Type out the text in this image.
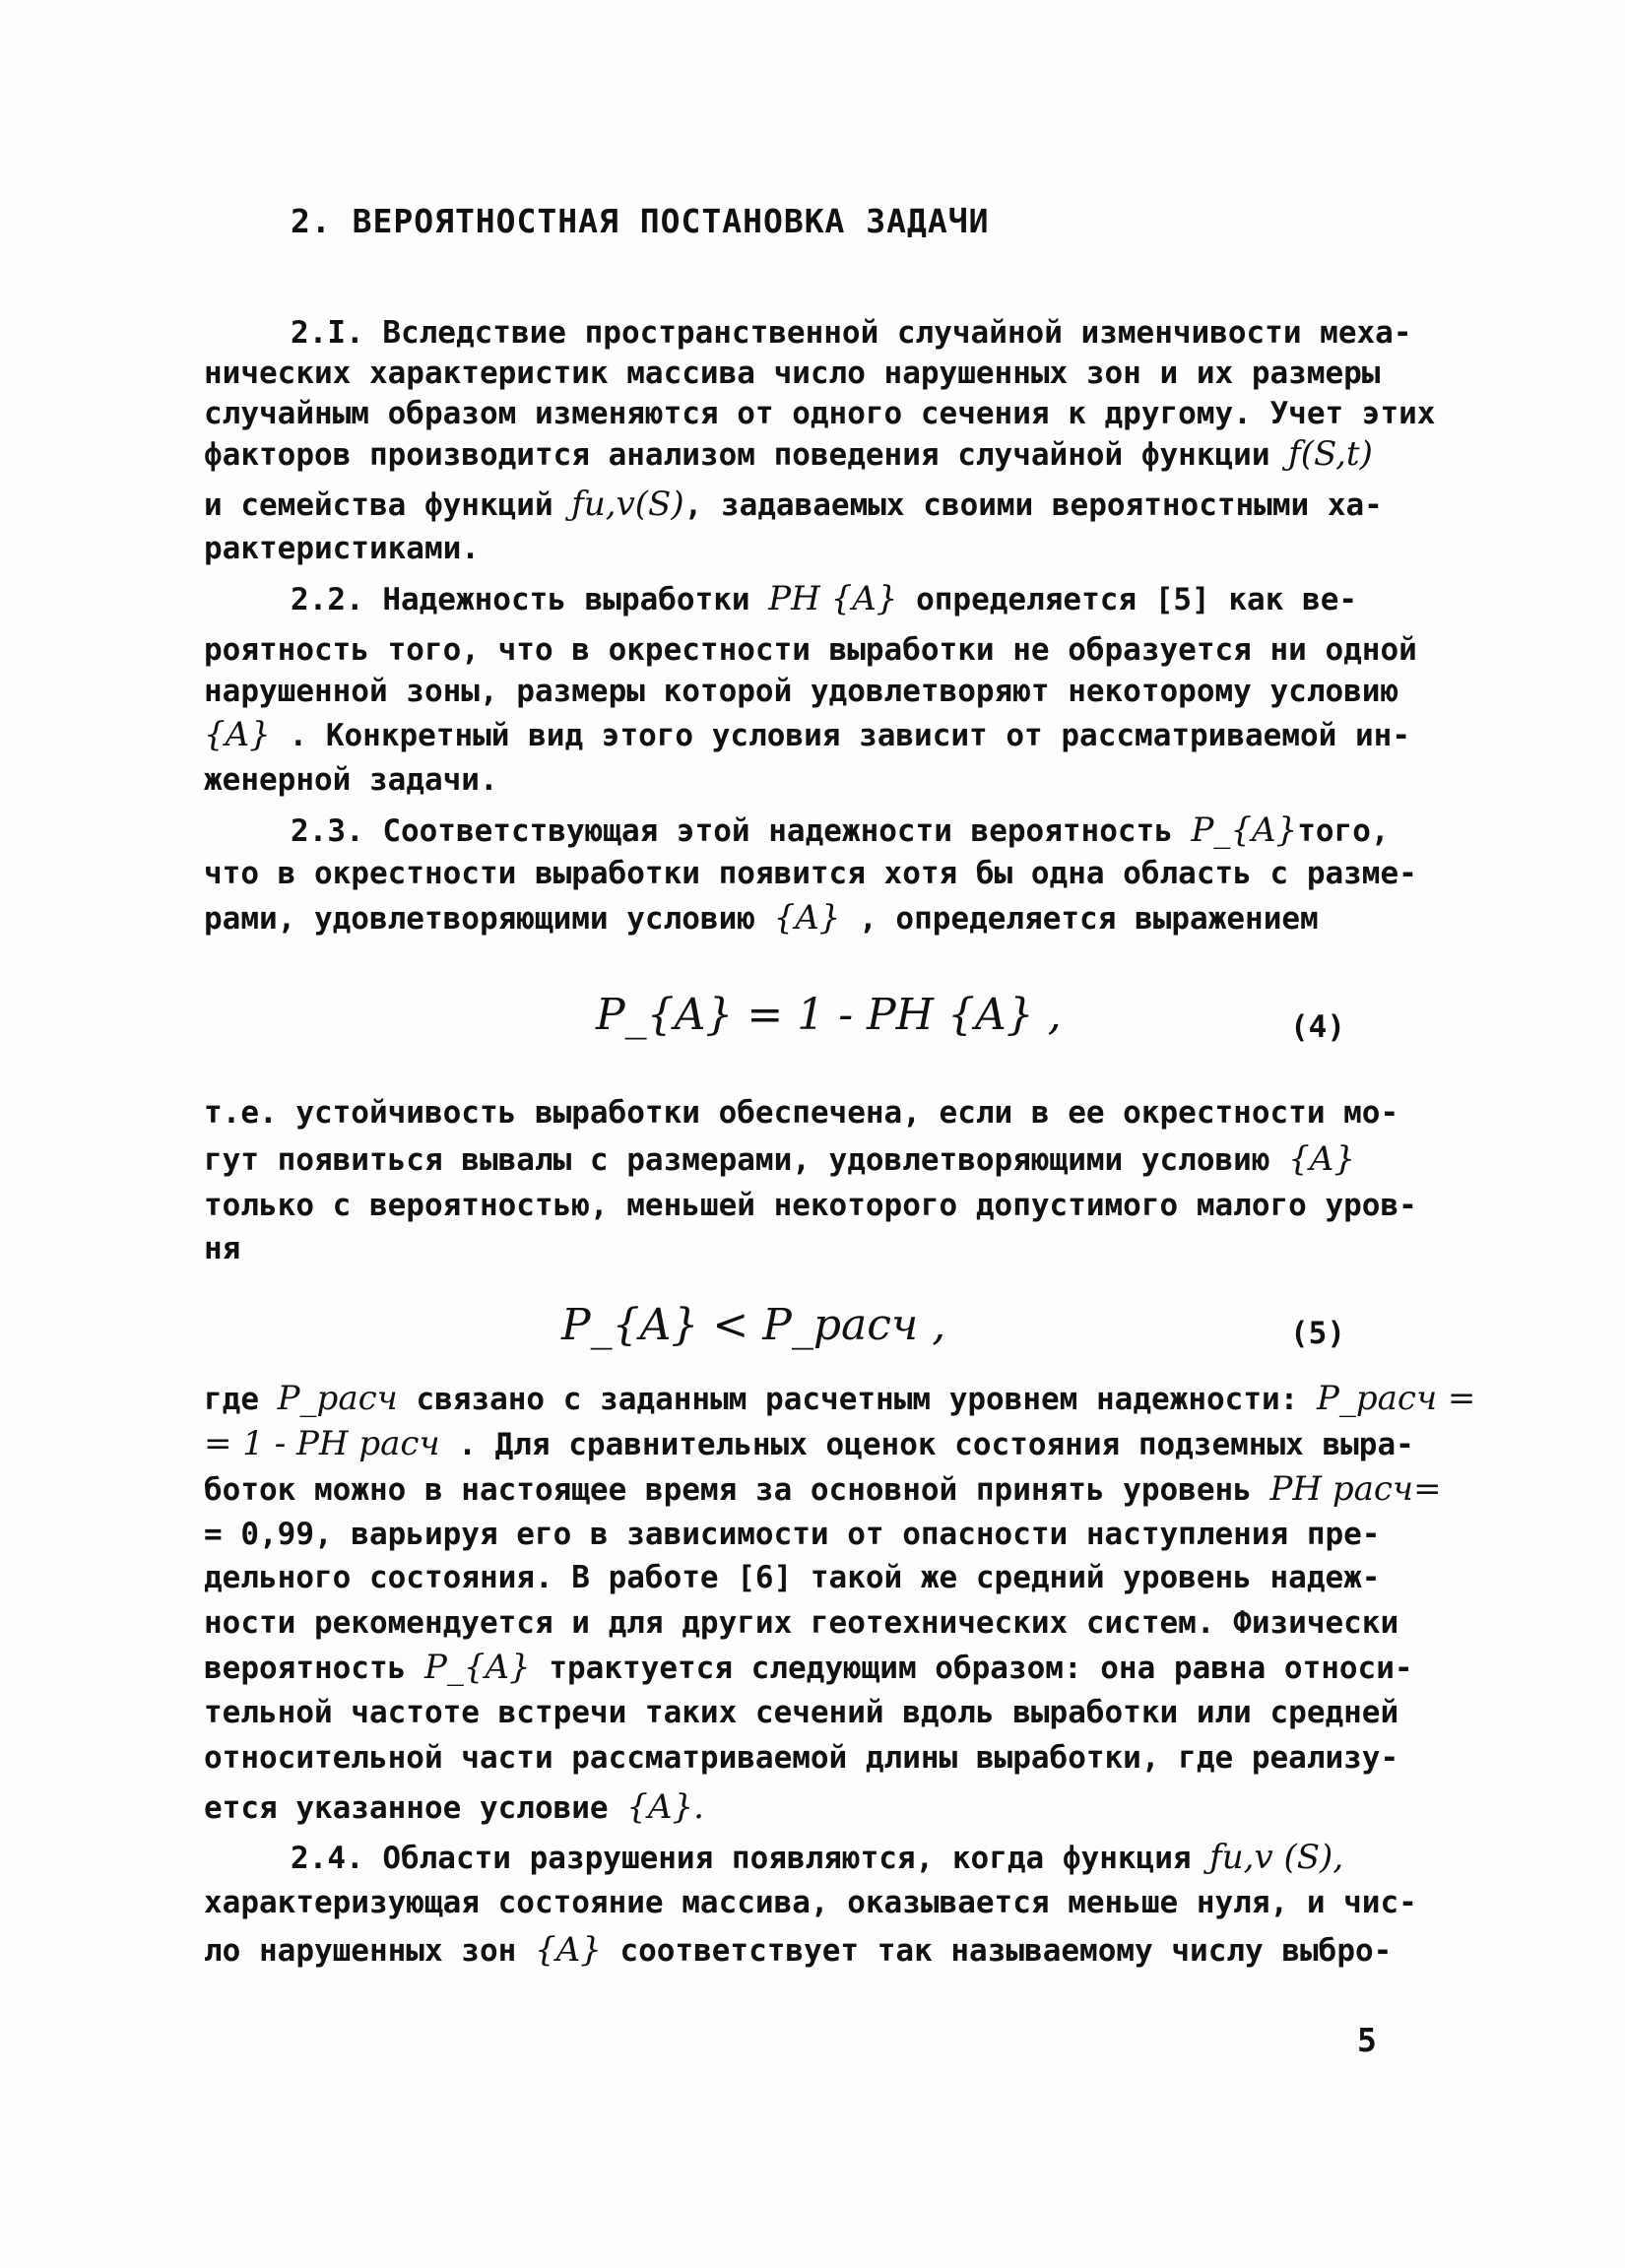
2. ВЕРОЯТНОСТНАЯ ПОСТАНОВКА ЗАДАЧИ
2.I. Вследствие пространственной случайной изменчивости меха-
нических характеристик массива число нарушенных зон и их размеры
случайным образом изменяются от одного сечения к другому. Учет этих
факторов производится анализом поведения случайной функции ƒ(S,t)
и семейства функций ƒu,v(S), задаваемых своими вероятностными ха-
рактеристиками.
2.2. Надежность выработки PH {A} определяется [5] как ве-
роятность того, что в окрестности выработки не образуется ни одной
нарушенной зоны, размеры которой удовлетворяют некоторому условию
{A} . Конкретный вид этого условия зависит от рассматриваемой ин-
женерной задачи.
2.3. Соответствующая этой надежности вероятность P_{A}того,
что в окрестности выработки появится хотя бы одна область с разме-
рами, удовлетворяющими условию {A} , определяется выражением
P_{A} = 1 - PH {A} ,	(4)
т.е. устойчивость выработки обеспечена, если в ее окрестности мо-
гут появиться вывалы с размерами, удовлетворяющими условию {A}
только с вероятностью, меньшей некоторого допустимого малого уров-
ня
P_{A} < P_расч ,	(5)
где P_расч связано с заданным расчетным уровнем надежности: P_расч =
= 1 - PH расч . Для сравнительных оценок состояния подземных выра-
боток можно в настоящее время за основной принять уровень PH расч=
= 0,99, варьируя его в зависимости от опасности наступления пре-
дельного состояния. В работе [6] такой же средний уровень надеж-
ности рекомендуется и для других геотехнических систем. Физически
вероятность P_{A} трактуется следующим образом: она равна относи-
тельной частоте встречи таких сечений вдоль выработки или средней
относительной части рассматриваемой длины выработки, где реализу-
ется указанное условие {A}.
2.4. Области разрушения появляются, когда функция ƒu,v (S),
характеризующая состояние массива, оказывается меньше нуля, и чис-
ло нарушенных зон {A} соответствует так называемому числу выбро-
5
